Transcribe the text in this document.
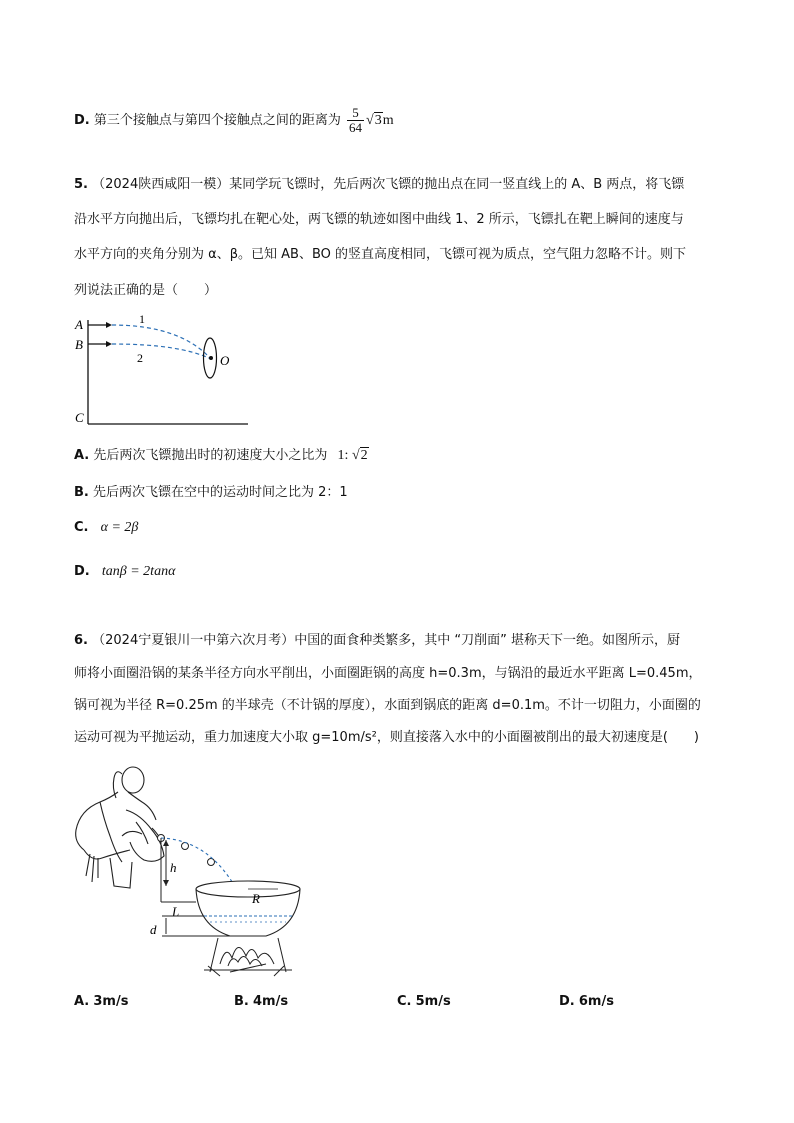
D. 第三个接触点与第四个接触点之间的距离为 $\frac{5}{64} √3m$
5. （2024陕西咸阳一模）某同学玩飞镖时，先后两次飞镖的抛出点在同一竖直线上的 A、B 两点，将飞镖
沿水平方向抛出后，飞镖均扎在靶心处，两飞镖的轨迹如图中曲线 1、2 所示，飞镖扎在靶上瞬间的速度与
水平方向的夹角分别为 α、β。已知 AB、BO 的竖直高度相同，飞镖可视为质点，空气阻力忽略不计。则下
列说法正确的是（　　）
A
B
C
O
1
2
A. 先后两次飞镖抛出时的初速度大小之比为 1: √2
B. 先后两次飞镖在空中的运动时间之比为 2：1
C. α = 2β
D. tanβ = 2tanα
6. （2024宁夏银川一中第六次月考）中国的面食种类繁多，其中 “刀削面” 堪称天下一绝。如图所示，厨
师将小面圈沿锅的某条半径方向水平削出，小面圈距锅的高度 h=0.3m，与锅沿的最近水平距离 L=0.45m，
锅可视为半径 R=0.25m 的半球壳（不计锅的厚度），水面到锅底的距离 d=0.1m。不计一切阻力，小面圈的
运动可视为平抛运动，重力加速度大小取 g=10m/s²，则直接落入水中的小面圈被削出的最大初速度是(　　)
h
L
R
d
A. 3m/s	B. 4m/s	C. 5m/s	D. 6m/s
